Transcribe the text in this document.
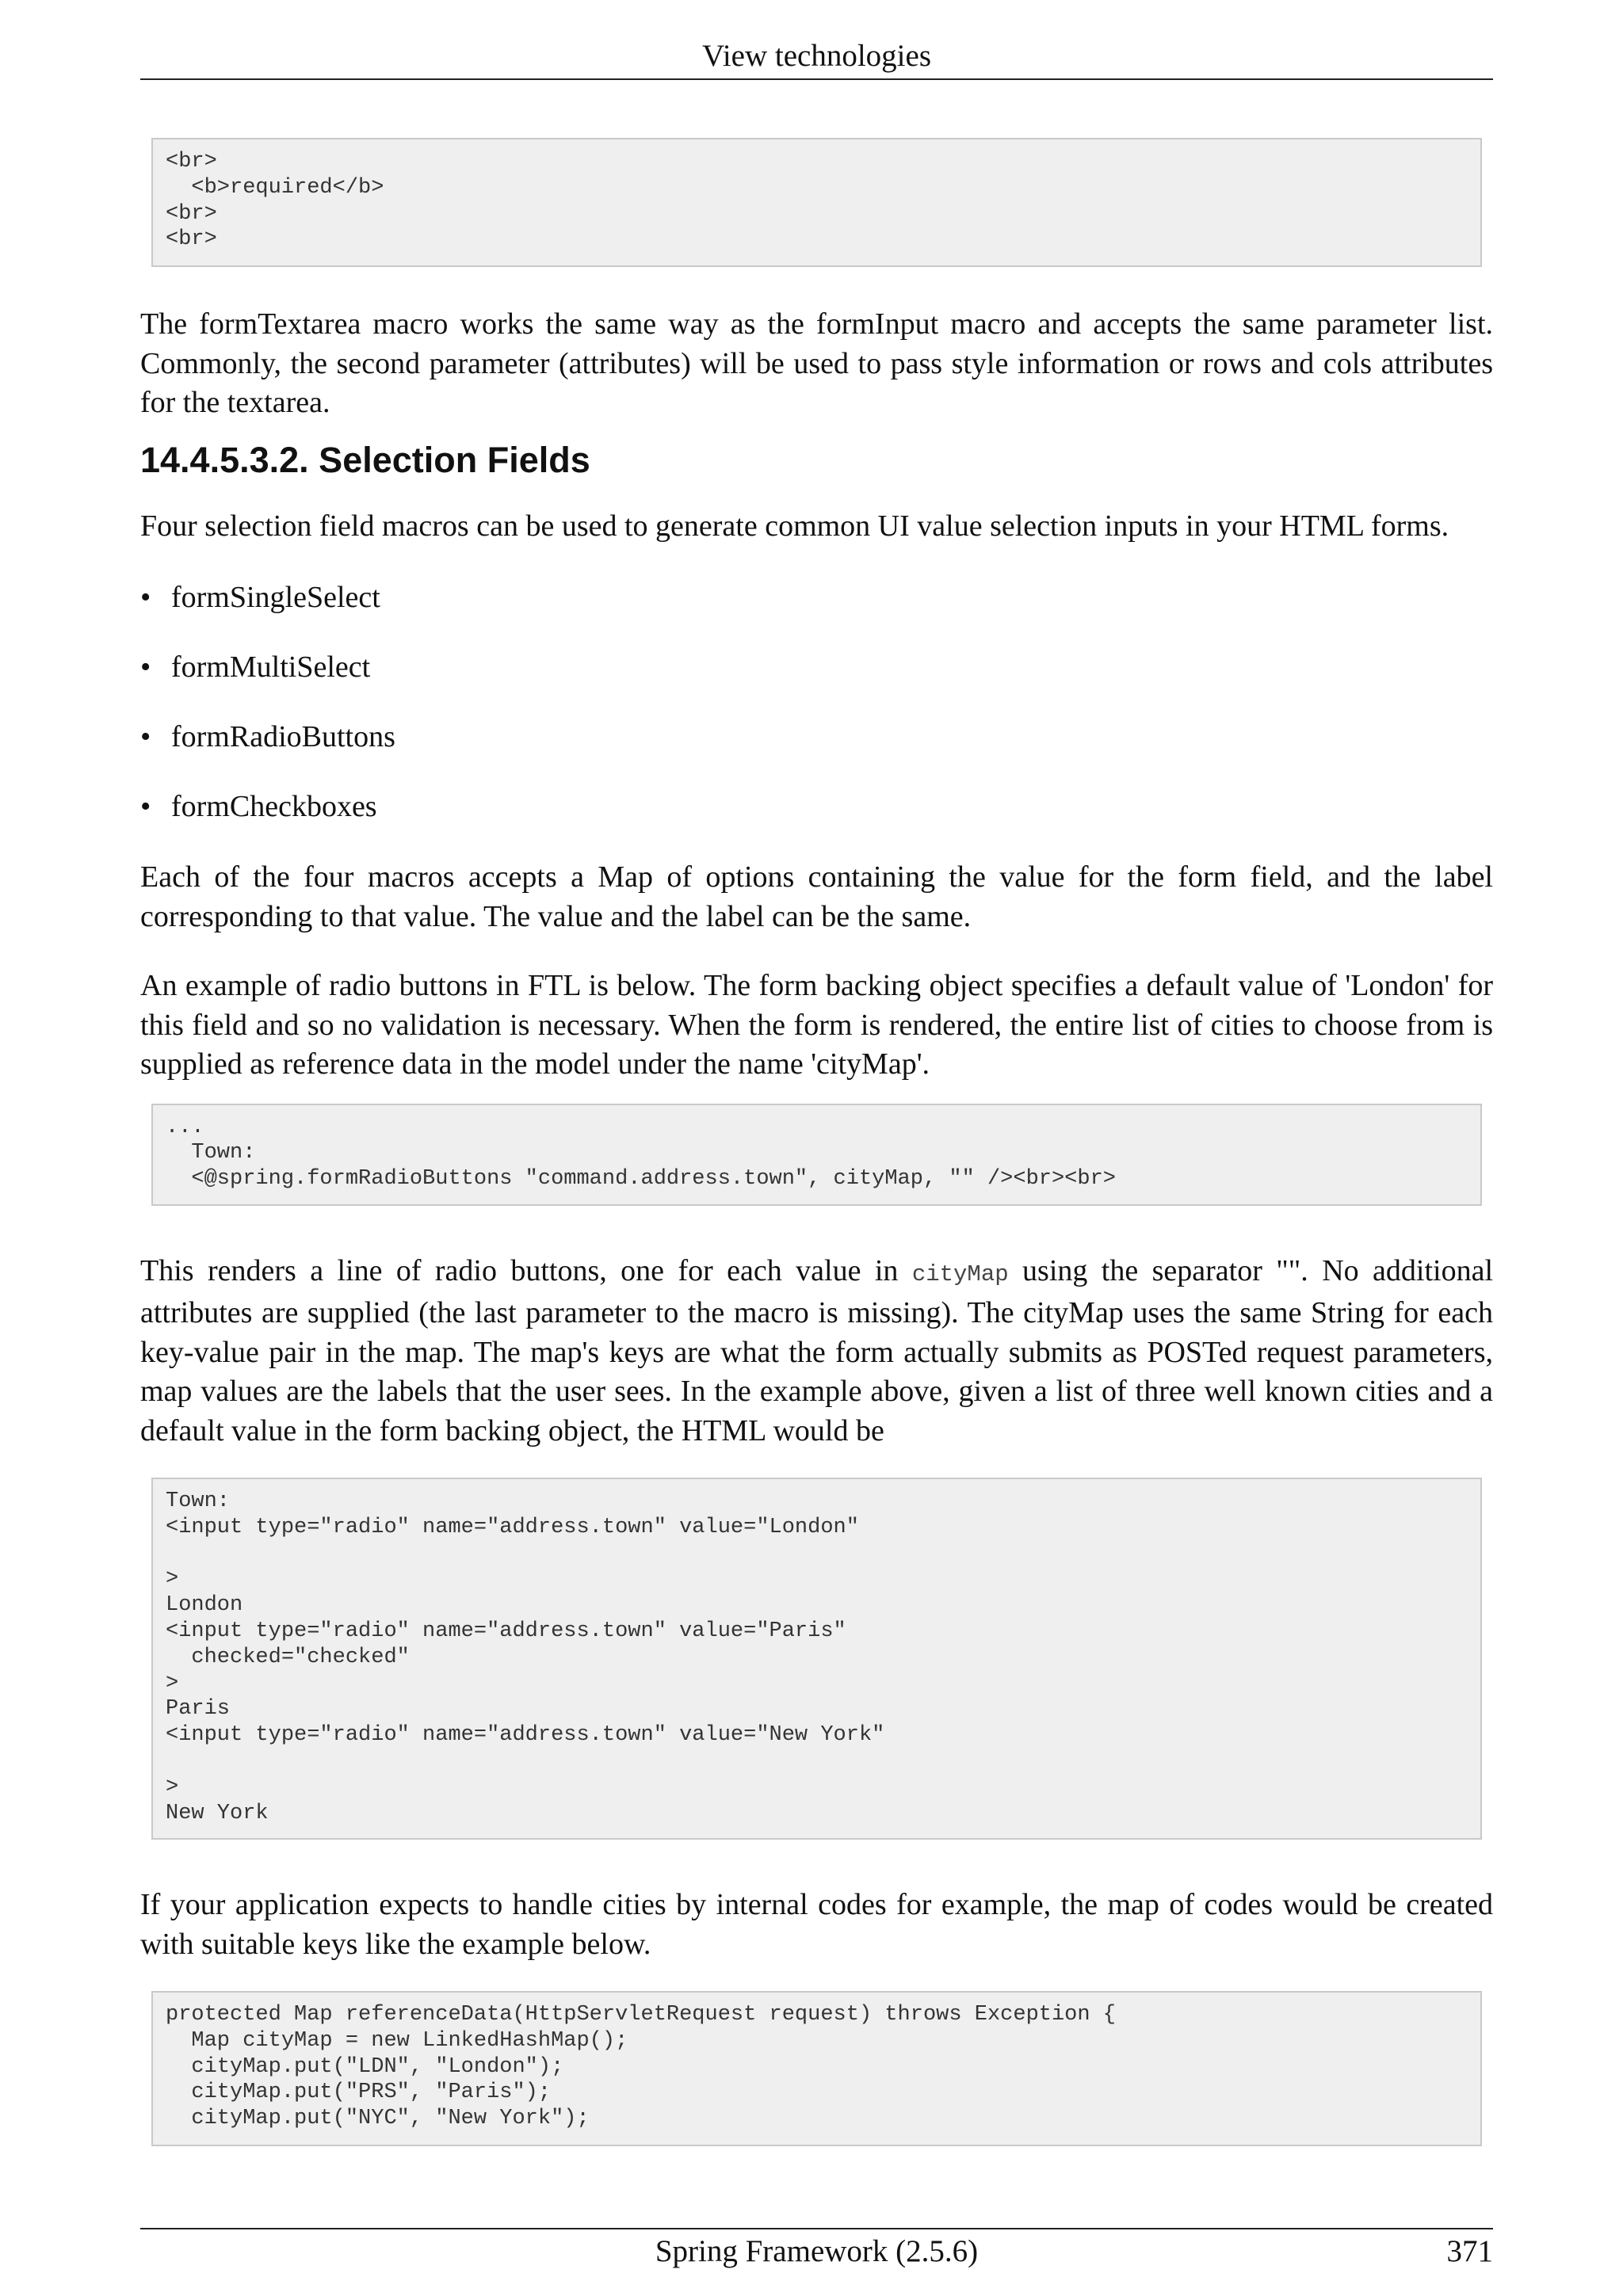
View technologies
<br>
<b>required</b>
<br>
<br>

The formTextarea macro works the same way as the formInput macro and accepts the same parameter list. Commonly, the second parameter (attributes) will be used to pass style information or rows and cols attributes for the textarea.

14.4.5.3.2. Selection Fields

Four selection field macros can be used to generate common UI value selection inputs in your HTML forms.

• formSingleSelect
• formMultiSelect
• formRadioButtons
• formCheckboxes

Each of the four macros accepts a Map of options containing the value for the form field, and the label corresponding to that value. The value and the label can be the same.

An example of radio buttons in FTL is below. The form backing object specifies a default value of 'London' for this field and so no validation is necessary. When the form is rendered, the entire list of cities to choose from is supplied as reference data in the model under the name 'cityMap'.

...
Town:
<@spring.formRadioButtons "command.address.town", cityMap, "" /><br><br>

This renders a line of radio buttons, one for each value in cityMap using the separator "". No additional attributes are supplied (the last parameter to the macro is missing). The cityMap uses the same String for each key-value pair in the map. The map's keys are what the form actually submits as POSTed request parameters, map values are the labels that the user sees. In the example above, given a list of three well known cities and a default value in the form backing object, the HTML would be

Town:
<input type="radio" name="address.town" value="London"

>
London
<input type="radio" name="address.town" value="Paris"
checked="checked"
>
Paris
<input type="radio" name="address.town" value="New York"

>
New York

If your application expects to handle cities by internal codes for example, the map of codes would be created with suitable keys like the example below.

protected Map referenceData(HttpServletRequest request) throws Exception {
Map cityMap = new LinkedHashMap();
cityMap.put("LDN", "London");
cityMap.put("PRS", "Paris");
cityMap.put("NYC", "New York");
Spring Framework (2.5.6)	371
